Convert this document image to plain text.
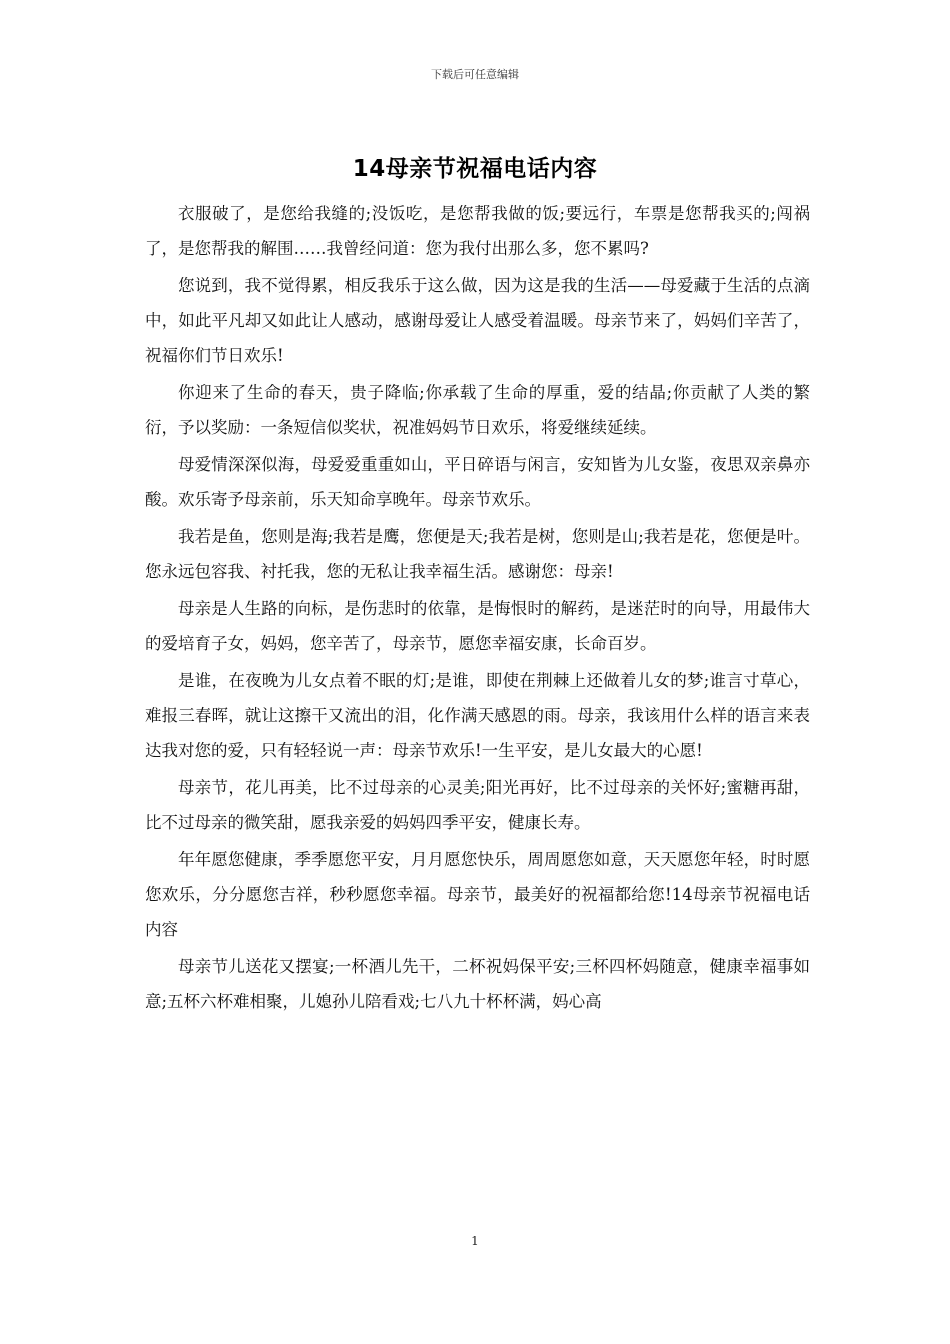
下载后可任意编辑
14母亲节祝福电话内容

衣服破了，是您给我缝的;没饭吃，是您帮我做的饭;要远行，车票是您帮我买的;闯祸了，是您帮我的解围……我曾经问道：您为我付出那么多，您不累吗?

您说到，我不觉得累，相反我乐于这么做，因为这是我的生活——母爱藏于生活的点滴中，如此平凡却又如此让人感动，感谢母爱让人感受着温暖。母亲节来了，妈妈们辛苦了，祝福你们节日欢乐!

你迎来了生命的春天，贵子降临;你承载了生命的厚重，爱的结晶;你贡献了人类的繁衍，予以奖励：一条短信似奖状，祝准妈妈节日欢乐，将爱继续延续。

母爱情深深似海，母爱爱重重如山，平日碎语与闲言，安知皆为儿女鉴，夜思双亲鼻亦酸。欢乐寄予母亲前，乐天知命享晚年。母亲节欢乐。

我若是鱼，您则是海;我若是鹰，您便是天;我若是树，您则是山;我若是花，您便是叶。您永远包容我、衬托我，您的无私让我幸福生活。感谢您：母亲!

母亲是人生路的向标，是伤悲时的依靠，是悔恨时的解药，是迷茫时的向导，用最伟大的爱培育子女，妈妈，您辛苦了，母亲节，愿您幸福安康，长命百岁。

是谁，在夜晚为儿女点着不眠的灯;是谁，即使在荆棘上还做着儿女的梦;谁言寸草心，难报三春晖，就让这擦干又流出的泪，化作满天感恩的雨。母亲，我该用什么样的语言来表达我对您的爱，只有轻轻说一声：母亲节欢乐!一生平安，是儿女最大的心愿!

母亲节，花儿再美，比不过母亲的心灵美;阳光再好，比不过母亲的关怀好;蜜糖再甜，比不过母亲的微笑甜，愿我亲爱的妈妈四季平安，健康长寿。

年年愿您健康，季季愿您平安，月月愿您快乐，周周愿您如意，天天愿您年轻，时时愿您欢乐，分分愿您吉祥，秒秒愿您幸福。母亲节，最美好的祝福都给您!14母亲节祝福电话内容

母亲节儿送花又摆宴;一杯酒儿先干，二杯祝妈保平安;三杯四杯妈随意，健康幸福事如意;五杯六杯难相聚，儿媳孙儿陪看戏;七八九十杯杯满，妈心高

1
